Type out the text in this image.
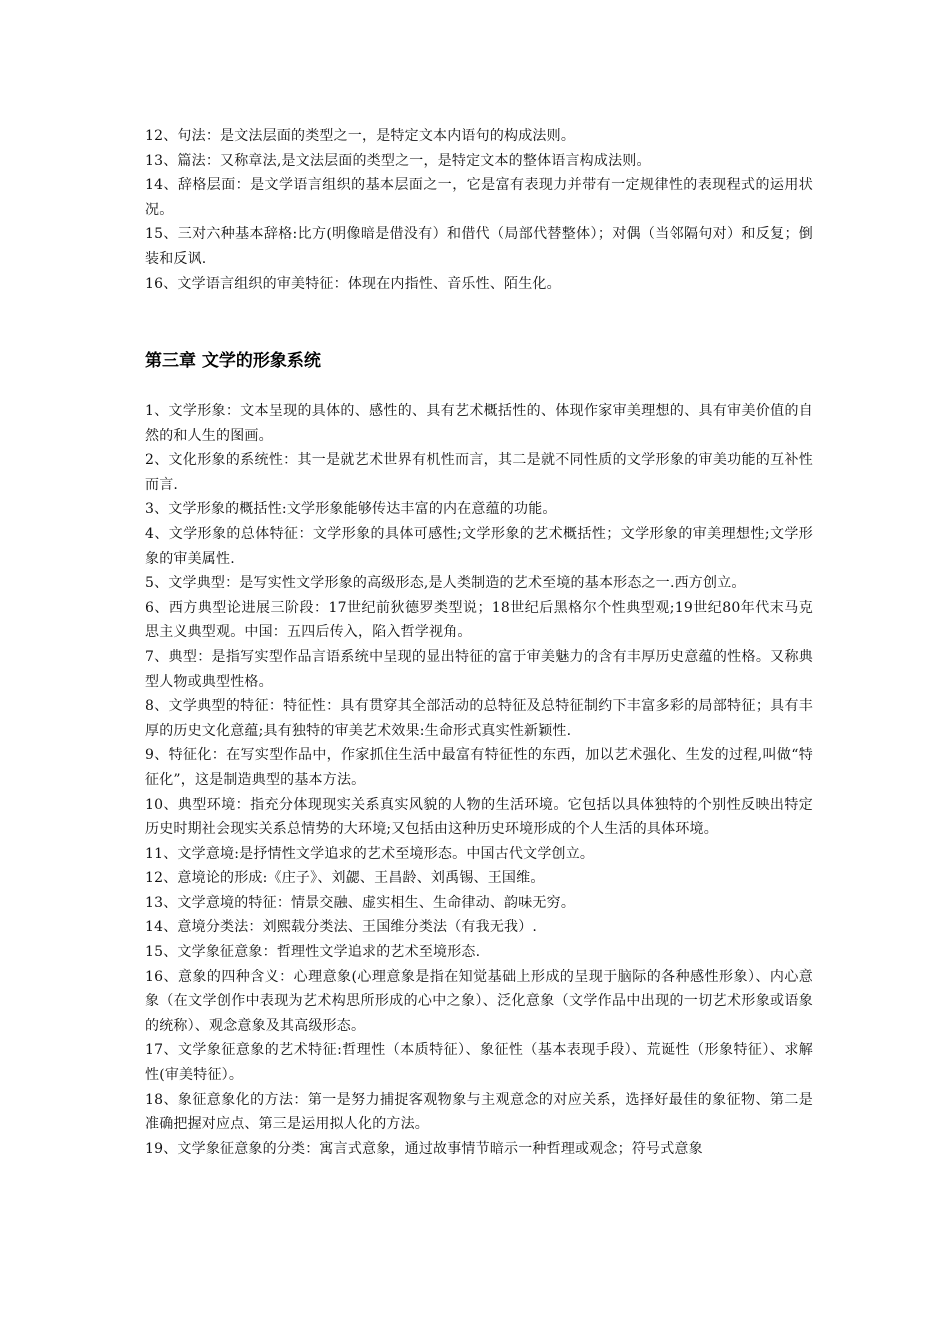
12、句法：是文法层面的类型之一，是特定文本内语句的构成法则。

13、篇法：又称章法,是文法层面的类型之一，是特定文本的整体语言构成法则。

14、辞格层面：是文学语言组织的基本层面之一，它是富有表现力并带有一定规律性的表现程式的运用状况。

15、三对六种基本辞格:比方(明像暗是借没有）和借代（局部代替整体）；对偶（当邻隔句对）和反复；倒装和反讽.

16、文学语言组织的审美特征：体现在内指性、音乐性、陌生化。

第三章 文学的形象系统

1、文学形象：文本呈现的具体的、感性的、具有艺术概括性的、体现作家审美理想的、具有审美价值的自然的和人生的图画。

2、文化形象的系统性：其一是就艺术世界有机性而言，其二是就不同性质的文学形象的审美功能的互补性而言.

3、文学形象的概括性:文学形象能够传达丰富的内在意蕴的功能。

4、文学形象的总体特征：文学形象的具体可感性;文学形象的艺术概括性；文学形象的审美理想性;文学形象的审美属性.

5、文学典型：是写实性文学形象的高级形态,是人类制造的艺术至境的基本形态之一.西方创立。

6、西方典型论进展三阶段：17世纪前狄德罗类型说；18世纪后黑格尔个性典型观;19世纪80年代末马克思主义典型观。中国：五四后传入，陷入哲学视角。

7、典型：是指写实型作品言语系统中呈现的显出特征的富于审美魅力的含有丰厚历史意蕴的性格。又称典型人物或典型性格。

8、文学典型的特征：特征性：具有贯穿其全部活动的总特征及总特征制约下丰富多彩的局部特征；具有丰厚的历史文化意蕴;具有独特的审美艺术效果:生命形式真实性新颖性.

9、特征化：在写实型作品中，作家抓住生活中最富有特征性的东西，加以艺术强化、生发的过程,叫做“特征化”，这是制造典型的基本方法。

10、典型环境：指充分体现现实关系真实风貌的人物的生活环境。它包括以具体独特的个别性反映出特定历史时期社会现实关系总情势的大环境;又包括由这种历史环境形成的个人生活的具体环境。

11、文学意境:是抒情性文学追求的艺术至境形态。中国古代文学创立。

12、意境论的形成:《庄子》、刘勰、王昌龄、刘禹锡、王国维。

13、文学意境的特征：情景交融、虚实相生、生命律动、韵味无穷。

14、意境分类法：刘熙载分类法、王国维分类法（有我无我）.

15、文学象征意象：哲理性文学追求的艺术至境形态.

16、意象的四种含义：心理意象(心理意象是指在知觉基础上形成的呈现于脑际的各种感性形象）、内心意象（在文学创作中表现为艺术构思所形成的心中之象）、泛化意象（文学作品中出现的一切艺术形象或语象的统称）、观念意象及其高级形态。

17、文学象征意象的艺术特征:哲理性（本质特征）、象征性（基本表现手段）、荒诞性（形象特征）、求解性(审美特征）。

18、象征意象化的方法：第一是努力捕捉客观物象与主观意念的对应关系，选择好最佳的象征物、第二是准确把握对应点、第三是运用拟人化的方法。

19、文学象征意象的分类：寓言式意象，通过故事情节暗示一种哲理或观念；符号式意象
